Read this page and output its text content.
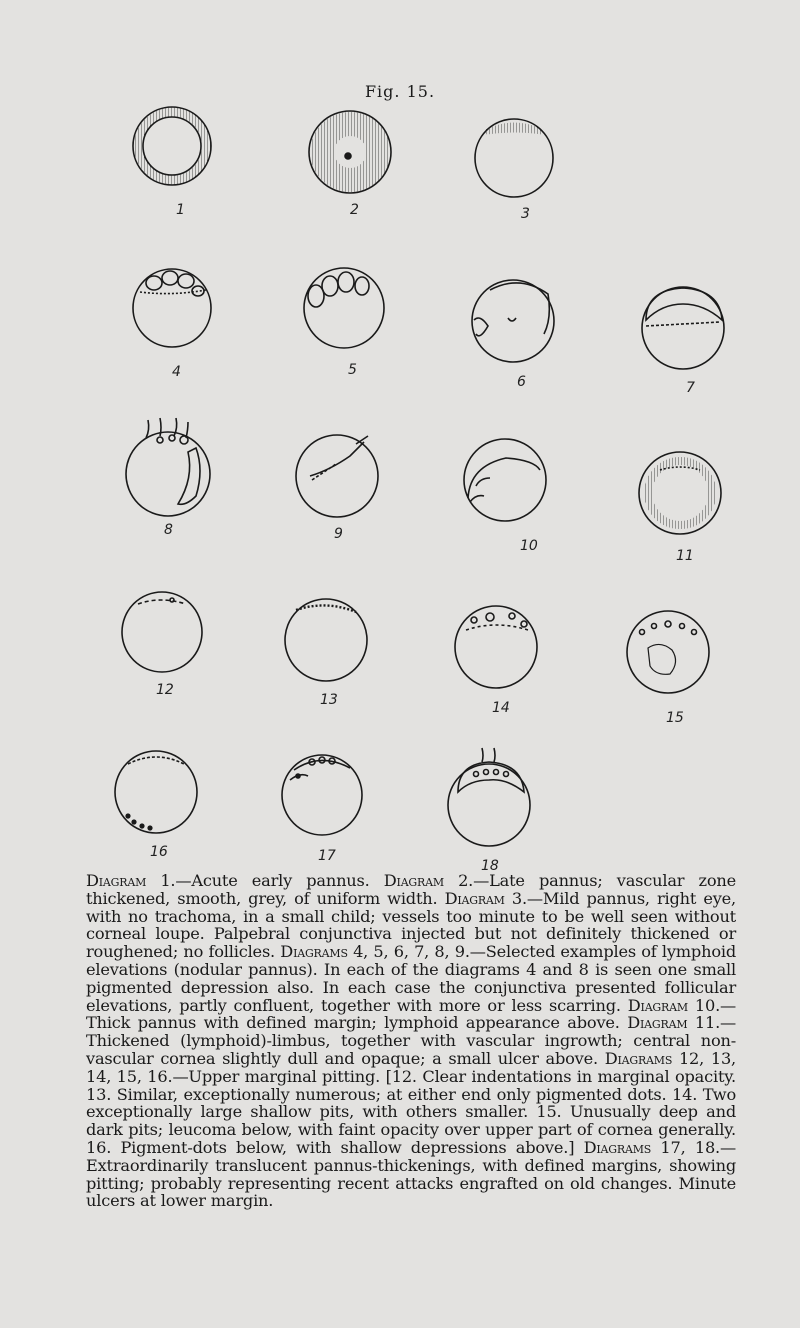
Fig. 15.
1	2	3
4	5
6	7
8	9
10
11
12
13	14
15
16	17
18
Diagram 1.—Acute early pannus. Diagram 2.—Late pannus; vascular zone thickened, smooth, grey, of uniform width. Diagram 3.—Mild pannus, right eye, with no trachoma, in a small child; vessels too minute to be well seen without corneal loupe. Palpebral conjunctiva injected but not definitely thickened or roughened; no follicles. Diagrams 4, 5, 6, 7, 8, 9.—Selected examples of lymphoid elevations (nodular pannus). In each of the diagrams 4 and 8 is seen one small pigmented depression also. In each case the conjunctiva presented follicular elevations, partly confluent, together with more or less scarring. Diagram 10.—Thick pannus with defined margin; lymphoid appearance above. Diagram 11.—Thickened (lymphoid)-limbus, together with vascular ingrowth; central non-vascular cornea slightly dull and opaque; a small ulcer above. Diagrams 12, 13, 14, 15, 16.—Upper marginal pitting. [12. Clear indentations in marginal opacity. 13. Similar, exceptionally numerous; at either end only pigmented dots. 14. Two exceptionally large shallow pits, with others smaller. 15. Unusually deep and dark pits; leucoma below, with faint opacity over upper part of cornea generally. 16. Pigment-dots below, with shallow depressions above.] Diagrams 17, 18.—Extraordinarily translucent pannus-thickenings, with defined margins, showing pitting; probably representing recent attacks engrafted on old changes. Minute ulcers at lower margin.
